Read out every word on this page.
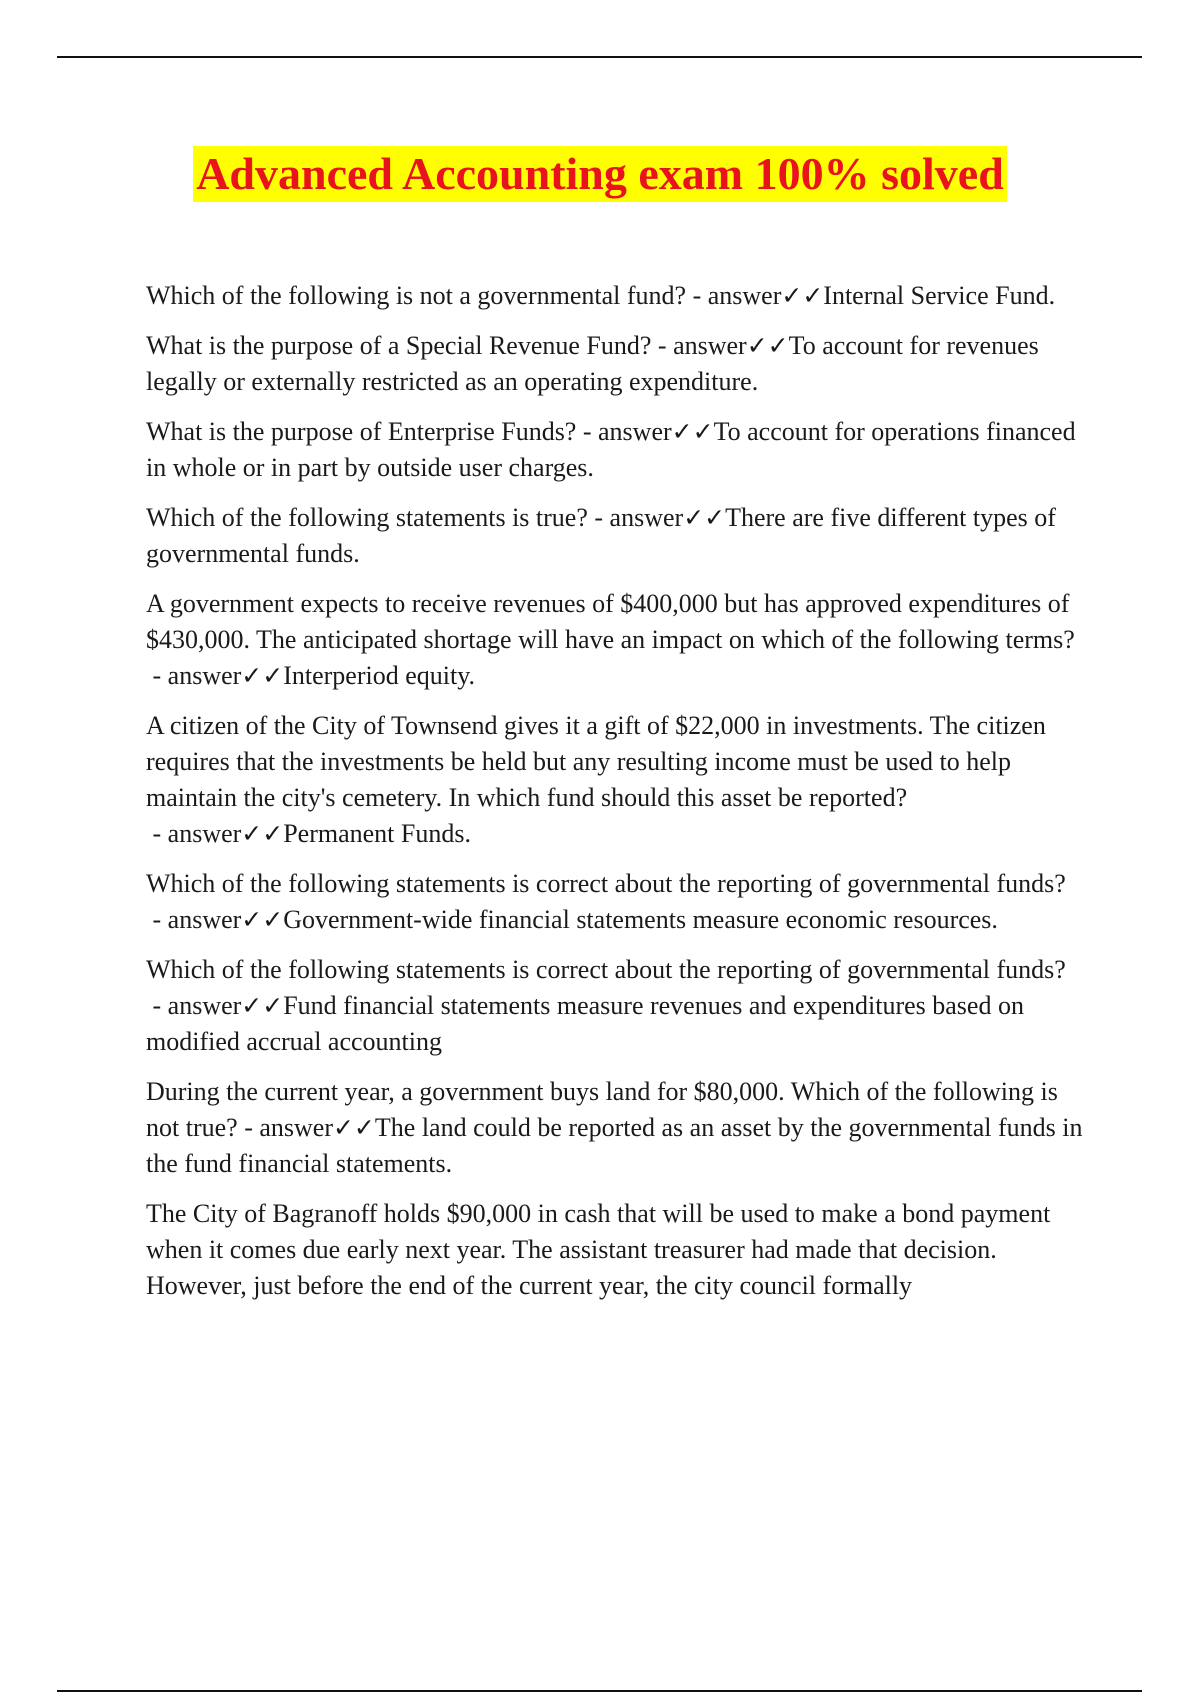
Advanced Accounting exam 100% solved

Which of the following is not a governmental fund? - answer✓✓Internal Service Fund.

What is the purpose of a Special Revenue Fund? - answer✓✓To account for revenues legally or externally restricted as an operating expenditure.

What is the purpose of Enterprise Funds? - answer✓✓To account for operations financed in whole or in part by outside user charges.

Which of the following statements is true? - answer✓✓There are five different types of governmental funds.

A government expects to receive revenues of $400,000 but has approved expenditures of $430,000. The anticipated shortage will have an impact on which of the following terms? - answer✓✓Interperiod equity.

A citizen of the City of Townsend gives it a gift of $22,000 in investments. The citizen requires that the investments be held but any resulting income must be used to help maintain the city's cemetery. In which fund should this asset be reported? - answer✓✓Permanent Funds.

Which of the following statements is correct about the reporting of governmental funds? - answer✓✓Government-wide financial statements measure economic resources.

Which of the following statements is correct about the reporting of governmental funds? - answer✓✓Fund financial statements measure revenues and expenditures based on modified accrual accounting

During the current year, a government buys land for $80,000. Which of the following is not true? - answer✓✓The land could be reported as an asset by the governmental funds in the fund financial statements.

The City of Bagranoff holds $90,000 in cash that will be used to make a bond payment when it comes due early next year. The assistant treasurer had made that decision. However, just before the end of the current year, the city council formally
